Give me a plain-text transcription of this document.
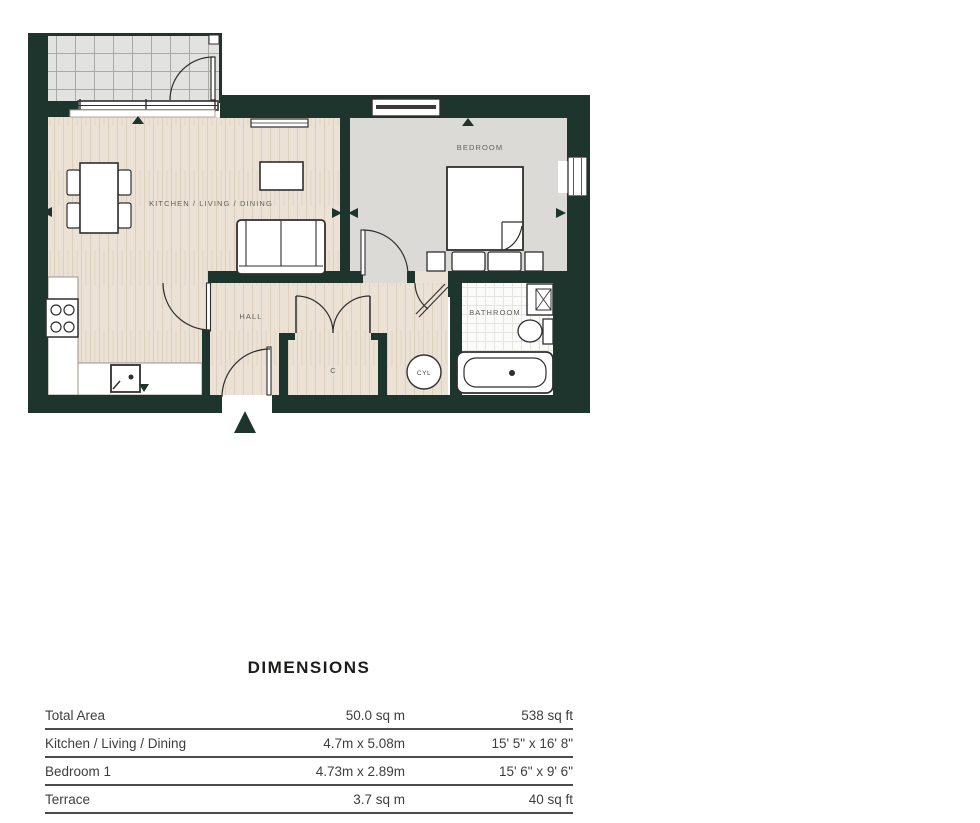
CYL
KITCHEN / LIVING / DINING
BEDROOM
HALL	BATHROOM
C
DIMENSIONS
Total Area	50.0 sq m	538 sq ft
Kitchen / Living / Dining	4.7m x 5.08m	15' 5" x 16' 8"
Bedroom 1	4.73m x 2.89m	15' 6" x 9' 6"
Terrace	3.7 sq m	40 sq ft
